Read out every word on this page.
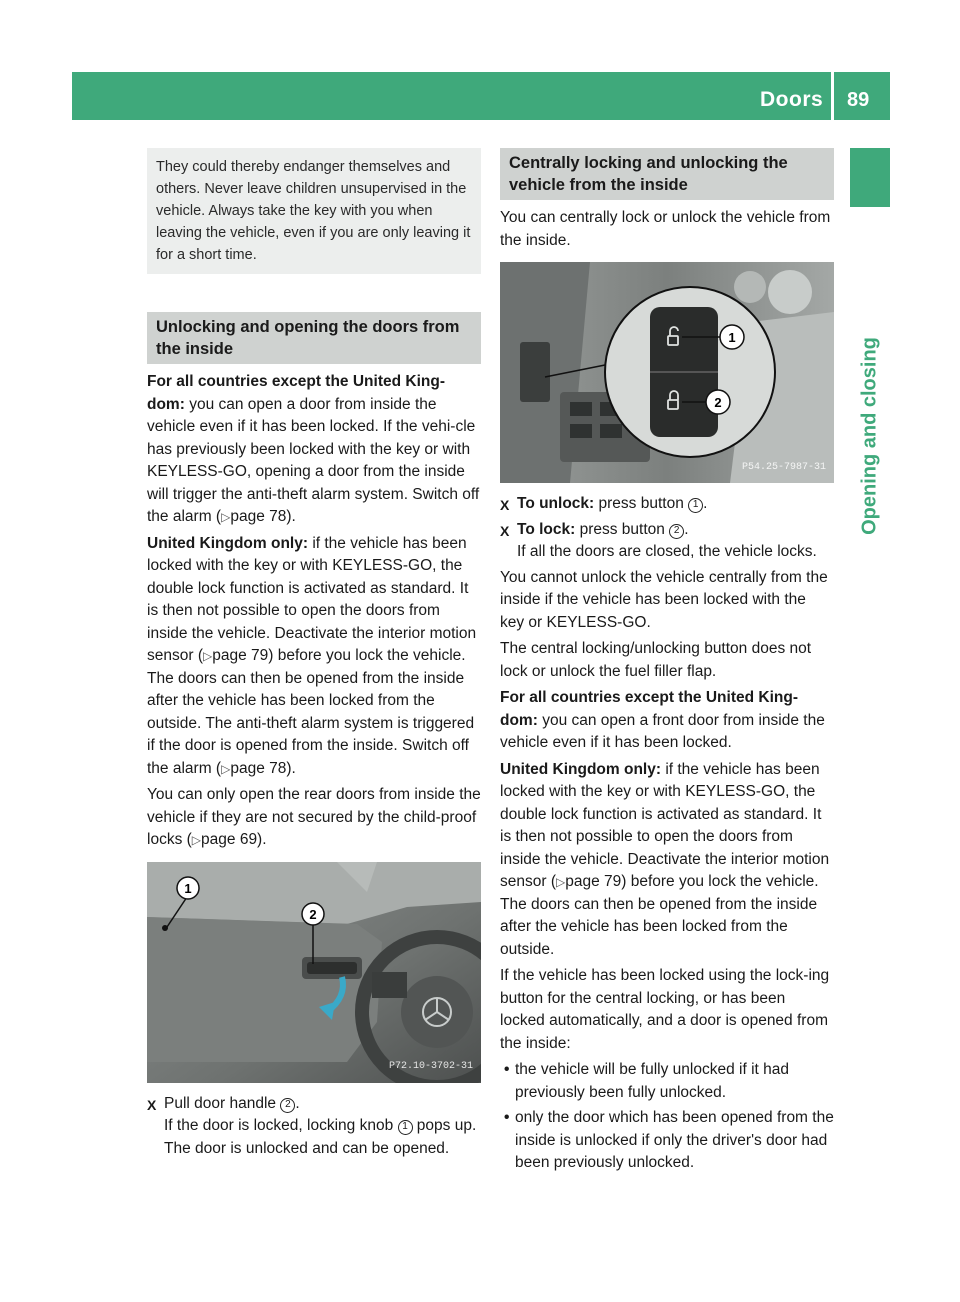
Doors 89
Opening and closing
They could thereby endanger themselves and others. Never leave children unsupervised in the vehicle. Always take the key with you when leaving the vehicle, even if you are only leaving it for a short time.
Unlocking and opening the doors from the inside

For all countries except the United King-dom: you can open a door from inside the vehicle even if it has been locked. If the vehi-cle has previously been locked with the key or with KEYLESS-GO, opening a door from the inside will trigger the anti-theft alarm system. Switch off the alarm (▷page 78).

United Kingdom only: if the vehicle has been locked with the key or with KEYLESS-GO, the double lock function is activated as standard. It is then not possible to open the doors from inside the vehicle. Deactivate the interior motion sensor (▷page 79) before you lock the vehicle. The doors can then be opened from the inside after the vehicle has been locked from the outside. The anti-theft alarm system is triggered if the door is opened from the inside. Switch off the alarm (▷page 78).

You can only open the rear doors from inside the vehicle if they are not secured by the child-proof locks (▷page 69).

1
2
P72.10-3702-31
X Pull door handle 2 .
If the door is locked, locking knob 1 pops up. The door is unlocked and can be opened.
Centrally locking and unlocking the vehicle from the inside

You can centrally lock or unlock the vehicle from the inside.

1
2
P54.25-7987-31
X To unlock: press button 1 .
X To lock: press button 2 .
If all the doors are closed, the vehicle locks.

You cannot unlock the vehicle centrally from the inside if the vehicle has been locked with the key or KEYLESS-GO.

The central locking/unlocking button does not lock or unlock the fuel filler flap.

For all countries except the United King-dom: you can open a front door from inside the vehicle even if it has been locked.

United Kingdom only: if the vehicle has been locked with the key or with KEYLESS-GO, the double lock function is activated as standard. It is then not possible to open the doors from inside the vehicle. Deactivate the interior motion sensor (▷page 79) before you lock the vehicle. The doors can then be opened from the inside after the vehicle has been locked from the outside.

If the vehicle has been locked using the lock-ing button for the central locking, or has been locked automatically, and a door is opened from the inside:

• the vehicle will be fully unlocked if it had previously been fully unlocked.
• only the door which has been opened from the inside is unlocked if only the driver's door had been previously unlocked.
